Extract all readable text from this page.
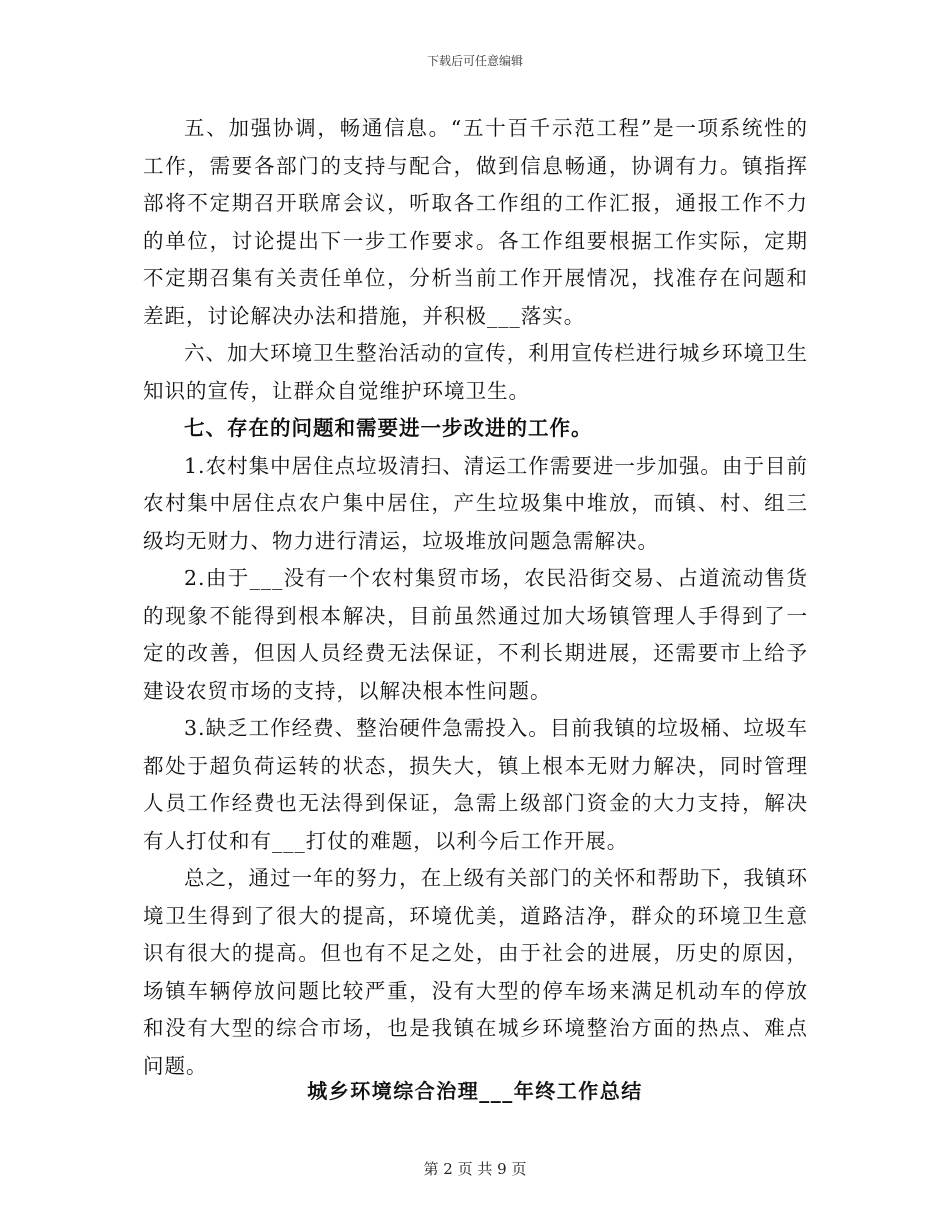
下载后可任意编辑

五、加强协调，畅通信息。“五十百千示范工程”是一项系统性的工作，需要各部门的支持与配合，做到信息畅通，协调有力。镇指挥部将不定期召开联席会议，听取各工作组的工作汇报，通报工作不力的单位，讨论提出下一步工作要求。各工作组要根据工作实际，定期不定期召集有关责任单位，分析当前工作开展情况，找准存在问题和差距，讨论解决办法和措施，并积极___落实。

六、加大环境卫生整治活动的宣传，利用宣传栏进行城乡环境卫生知识的宣传，让群众自觉维护环境卫生。

七、存在的问题和需要进一步改进的工作。

1.农村集中居住点垃圾清扫、清运工作需要进一步加强。由于目前农村集中居住点农户集中居住，产生垃圾集中堆放，而镇、村、组三级均无财力、物力进行清运，垃圾堆放问题急需解决。

2.由于___没有一个农村集贸市场，农民沿街交易、占道流动售货的现象不能得到根本解决，目前虽然通过加大场镇管理人手得到了一定的改善，但因人员经费无法保证，不利长期进展，还需要市上给予建设农贸市场的支持，以解决根本性问题。

3.缺乏工作经费、整治硬件急需投入。目前我镇的垃圾桶、垃圾车都处于超负荷运转的状态，损失大，镇上根本无财力解决，同时管理人员工作经费也无法得到保证，急需上级部门资金的大力支持，解决有人打仗和有___打仗的难题，以利今后工作开展。

总之，通过一年的努力，在上级有关部门的关怀和帮助下，我镇环境卫生得到了很大的提高，环境优美，道路洁净，群众的环境卫生意识有很大的提高。但也有不足之处，由于社会的进展，历史的原因，场镇车辆停放问题比较严重，没有大型的停车场来满足机动车的停放和没有大型的综合市场，也是我镇在城乡环境整治方面的热点、难点问题。

城乡环境综合治理___年终工作总结
第 2 页 共 9 页
